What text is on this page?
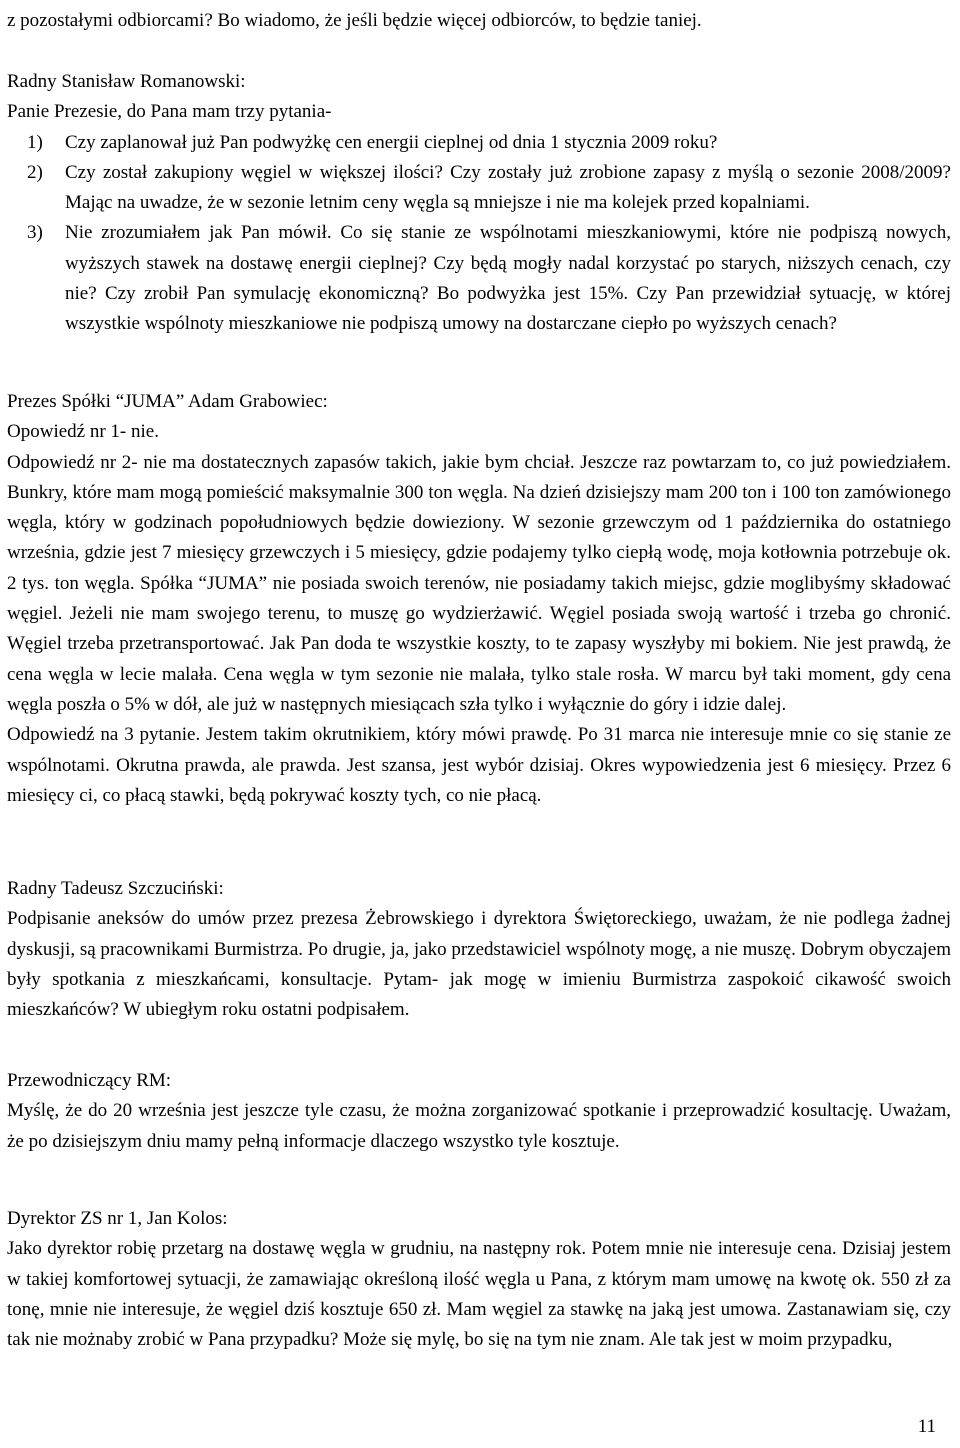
z pozostałymi odbiorcami? Bo wiadomo, że jeśli będzie więcej odbiorców, to będzie taniej.

Radny Stanisław Romanowski:

Panie Prezesie, do Pana mam trzy pytania-

1) Czy zaplanował już Pan podwyżkę cen energii cieplnej od dnia 1 stycznia 2009 roku?
2) Czy został zakupiony węgiel w większej ilości? Czy zostały już zrobione zapasy z myślą o sezonie 2008/2009? Mając na uwadze, że w sezonie letnim ceny węgla są mniejsze i nie ma kolejek przed kopalniami.
3) Nie zrozumiałem jak Pan mówił. Co się stanie ze wspólnotami mieszkaniowymi, które nie podpiszą nowych, wyższych stawek na dostawę energii cieplnej? Czy będą mogły nadal korzystać po starych, niższych cenach, czy nie? Czy zrobił Pan symulację ekonomiczną? Bo podwyżka jest 15%. Czy Pan przewidział sytuację, w której wszystkie wspólnoty mieszkaniowe nie podpiszą umowy na dostarczane ciepło po wyższych cenach?

Prezes Spółki “JUMA” Adam Grabowiec:

Opowiedź nr 1- nie.

Odpowiedź nr 2- nie ma dostatecznych zapasów takich, jakie bym chciał. Jeszcze raz powtarzam to, co już powiedziałem. Bunkry, które mam mogą pomieścić maksymalnie 300 ton węgla. Na dzień dzisiejszy mam 200 ton i 100 ton zamówionego węgla, który w godzinach popołudniowych będzie dowieziony. W sezonie grzewczym od 1 października do ostatniego września, gdzie jest 7 miesięcy grzewczych i 5 miesięcy, gdzie podajemy tylko ciepłą wodę, moja kotłownia potrzebuje ok. 2 tys. ton węgla. Spółka “JUMA” nie posiada swoich terenów, nie posiadamy takich miejsc, gdzie moglibyśmy składować węgiel. Jeżeli nie mam swojego terenu, to muszę go wydzierżawić. Węgiel posiada swoją wartość i trzeba go chronić. Węgiel trzeba przetransportować. Jak Pan doda te wszystkie koszty, to te zapasy wyszłyby mi bokiem. Nie jest prawdą, że cena węgla w lecie malała. Cena węgla w tym sezonie nie malała, tylko stale rosła. W marcu był taki moment, gdy cena węgla poszła o 5% w dół, ale już w następnych miesiącach szła tylko i wyłącznie do góry i idzie dalej.

Odpowiedź na 3 pytanie. Jestem takim okrutnikiem, który mówi prawdę. Po 31 marca nie interesuje mnie co się stanie ze wspólnotami. Okrutna prawda, ale prawda. Jest szansa, jest wybór dzisiaj. Okres wypowiedzenia jest 6 miesięcy. Przez 6 miesięcy ci, co płacą stawki, będą pokrywać koszty tych, co nie płacą.

Radny Tadeusz Szczuciński:

Podpisanie aneksów do umów przez prezesa Żebrowskiego i dyrektora Świętoreckiego, uważam, że nie podlega żadnej dyskusji, są pracownikami Burmistrza. Po drugie, ja, jako przedstawiciel wspólnoty mogę, a nie muszę. Dobrym obyczajem były spotkania z mieszkańcami, konsultacje. Pytam- jak mogę w imieniu Burmistrza zaspokoić cikawość swoich mieszkańców? W ubiegłym roku ostatni podpisałem.

Przewodniczący RM:

Myślę, że do 20 września jest jeszcze tyle czasu, że można zorganizować spotkanie i przeprowadzić kosultację. Uważam, że po dzisiejszym dniu mamy pełną informacje dlaczego wszystko tyle kosztuje.

Dyrektor ZS nr 1, Jan Kolos:

Jako dyrektor robię przetarg na dostawę węgla w grudniu, na następny rok. Potem mnie nie interesuje cena. Dzisiaj jestem w takiej komfortowej sytuacji, że zamawiając określoną ilość węgla u Pana, z którym mam umowę na kwotę ok. 550 zł za tonę, mnie nie interesuje, że węgiel dziś kosztuje 650 zł. Mam węgiel za stawkę na jaką jest umowa. Zastanawiam się, czy tak nie możnaby zrobić w Pana przypadku? Może się mylę, bo się na tym nie znam. Ale tak jest w moim przypadku,

11
